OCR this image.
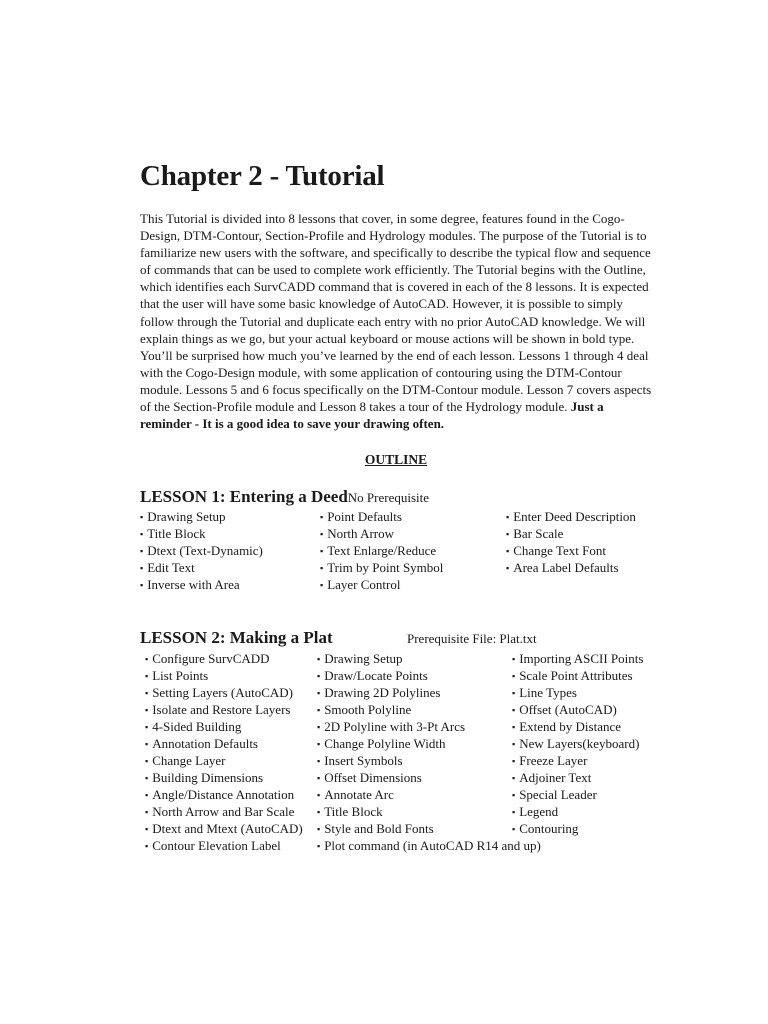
Chapter 2 - Tutorial
This Tutorial is divided into 8 lessons that cover, in some degree, features found in the Cogo-Design, DTM-Contour, Section-Profile and Hydrology modules. The purpose of the Tutorial is to familiarize new users with the software, and specifically to describe the typical flow and sequence of commands that can be used to complete work efficiently. The Tutorial begins with the Outline, which identifies each SurvCADD command that is covered in each of the 8 lessons. It is expected that the user will have some basic knowledge of AutoCAD. However, it is possible to simply follow through the Tutorial and duplicate each entry with no prior AutoCAD knowledge. We will explain things as we go, but your actual keyboard or mouse actions will be shown in bold type. You’ll be surprised how much you’ve learned by the end of each lesson. Lessons 1 through 4 deal with the Cogo-Design module, with some application of contouring using the DTM-Contour module. Lessons 5 and 6 focus specifically on the DTM-Contour module. Lesson 7 covers aspects of the Section-Profile module and Lesson 8 takes a tour of the Hydrology module. Just a reminder - It is a good idea to save your drawing often.
OUTLINE
LESSON 1: Entering a DeedNo Prerequisite
▪ Drawing Setup
▪ Title Block
▪ Dtext (Text-Dynamic)
▪ Edit Text
▪ Inverse with Area
▪ Point Defaults
▪ North Arrow
▪ Text Enlarge/Reduce
▪ Trim by Point Symbol
▪ Layer Control
▪ Enter Deed Description
▪ Bar Scale
▪ Change Text Font
▪ Area Label Defaults
LESSON 2: Making a Plat	Prerequisite File: Plat.txt
▪ Configure SurvCADD
▪ List Points
▪ Setting Layers (AutoCAD)
▪ Isolate and Restore Layers
▪ 4-Sided Building
▪ Annotation Defaults
▪ Change Layer
▪ Building Dimensions
▪ Angle/Distance Annotation
▪ North Arrow and Bar Scale
▪ Dtext and Mtext (AutoCAD)
▪ Contour Elevation Label
▪ Drawing Setup
▪ Draw/Locate Points
▪ Drawing 2D Polylines
▪ Smooth Polyline
▪ 2D Polyline with 3-Pt Arcs
▪ Change Polyline Width
▪ Insert Symbols
▪ Offset Dimensions
▪ Annotate Arc
▪ Title Block
▪ Style and Bold Fonts
▪ Plot command (in AutoCAD R14 and up)
▪ Importing ASCII Points
▪ Scale Point Attributes
▪ Line Types
▪ Offset (AutoCAD)
▪ Extend by Distance
▪ New Layers(keyboard)
▪ Freeze Layer
▪ Adjoiner Text
▪ Special Leader
▪ Legend
▪ Contouring
